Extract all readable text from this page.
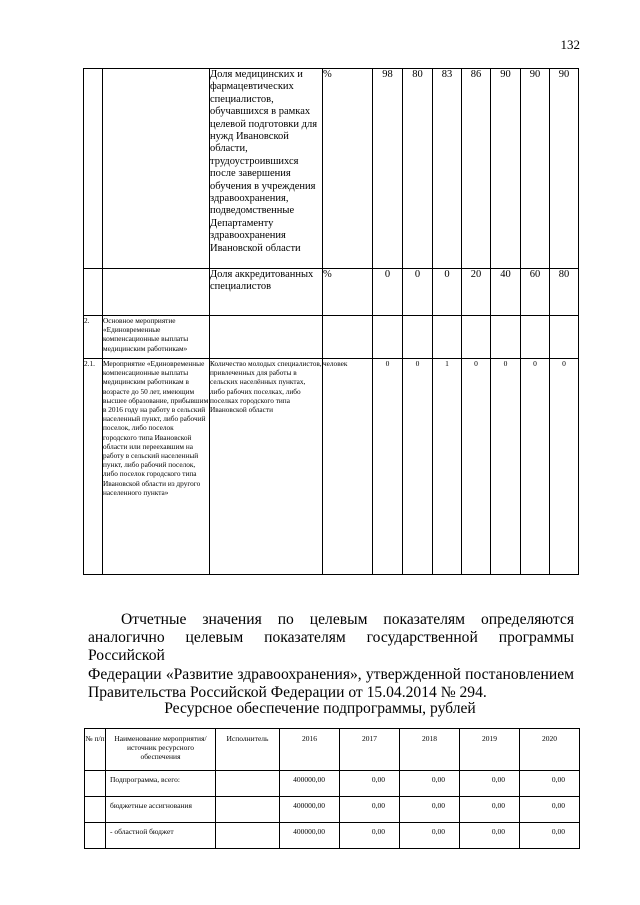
132
		Доля медицинских и фармацевтических специалистов, обучавшихся в рамках целевой подготовки для нужд Ивановской области, трудоустроившихся после завершения обучения в учреждения здравоохранения, подведомственные Департаменту здравоохранения Ивановской области	%	98	80	83	86	90	90	90
		Доля аккредитованных специалистов	%	0	0	0	20	40	60	80
2.	Основное мероприятие «Единовременные компенсационные выплаты медицинским работникам»									
2.1.	Мероприятие «Единовременные компенсационные выплаты медицинским работникам в возрасте до 50 лет, имеющим высшее образование, прибывшим в 2016 году на работу в сельский населенный пункт, либо рабочий поселок, либо поселок городского типа Ивановской области или переехавшим на работу в сельский населенный пункт, либо рабочий поселок, либо поселок городского типа Ивановской области из другого населенного пункта»	Количество молодых специалистов, привлеченных для работы в сельских населённых пунктах, либо рабочих поселках, либо поселках городского типа Ивановской области	человек	0	0	1	0	0	0	0
Отчетные значения по целевым показателям определяются
аналогично целевым показателям государственной программы Российской
Федерации «Развитие здравоохранения», утвержденной постановлением
Правительства Российской Федерации от 15.04.2014 № 294.
Ресурсное обеспечение подпрограммы, рублей
№ п/п	Наименование мероприятия/источник ресурсного обеспечения	Исполнитель	2016	2017	2018	2019	2020
	Подпрограмма, всего:		400000,00	0,00	0,00	0,00	0,00
	бюджетные ассигнования		400000,00	0,00	0,00	0,00	0,00
	- областной бюджет		400000,00	0,00	0,00	0,00	0,00
